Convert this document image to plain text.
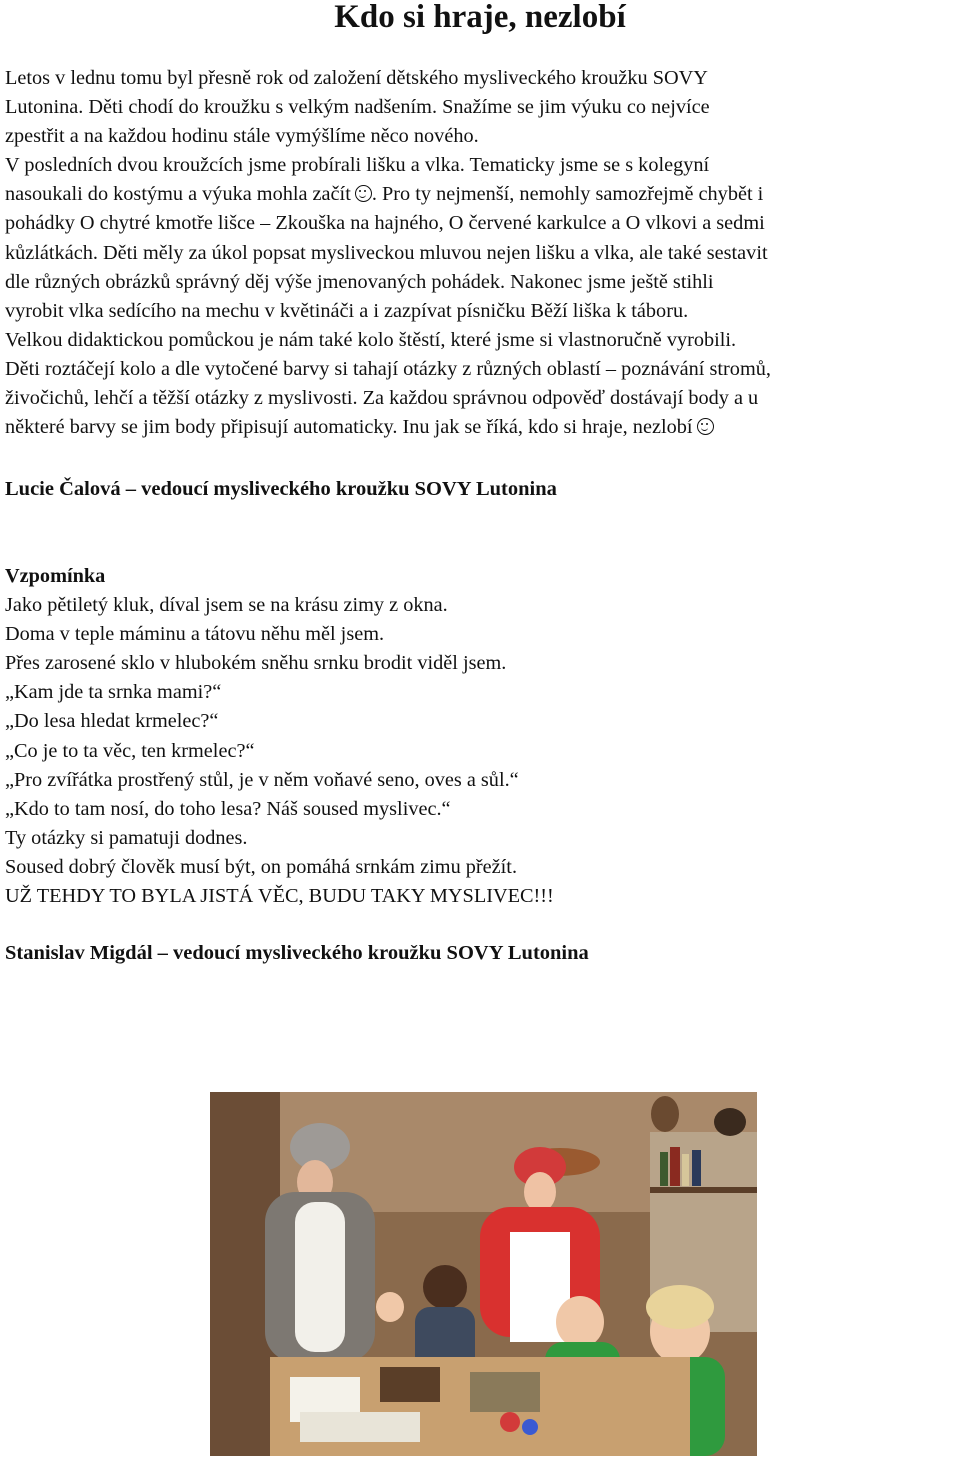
Kdo si hraje, nezlobí
Letos v lednu tomu byl přesně rok od založení dětského mysliveckého kroužku SOVY
Lutonina. Děti chodí do kroužku s velkým nadšením. Snažíme se jim výuku co nejvíce
zpestřit a na každou hodinu stále vymýšlíme něco nového.
V posledních dvou kroužcích jsme probírali lišku a vlka. Tematicky jsme se s kolegyní
nasoukali do kostýmu a výuka mohla začít . Pro ty nejmenší, nemohly samozřejmě chybět i
pohádky O chytré kmotře lišce – Zkouška na hajného, O červené karkulce a O vlkovi a sedmi
kůzlátkách. Děti měly za úkol popsat mysliveckou mluvou nejen lišku a vlka, ale také sestavit
dle různých obrázků správný děj výše jmenovaných pohádek. Nakonec jsme ještě stihli
vyrobit vlka sedícího na mechu v květináči a i zazpívat písničku Běží liška k táboru.
Velkou didaktickou pomůckou je nám také kolo štěstí, které jsme si vlastnoručně vyrobili.
Děti roztáčejí kolo a dle vytočené barvy si tahají otázky z různých oblastí – poznávání stromů,
živočichů, lehčí a těžší otázky z myslivosti. Za každou správnou odpověď dostávají body a u
některé barvy se jim body připisují automaticky. Inu jak se říká, kdo si hraje, nezlobí
Lucie Čalová – vedoucí mysliveckého kroužku SOVY Lutonina
Vzpomínka
Jako pětiletý kluk, díval jsem se na krásu zimy z okna.
Doma v teple máminu a tátovu něhu měl jsem.
Přes zarosené sklo v hlubokém sněhu srnku brodit viděl jsem.
„Kam jde ta srnka mami?“
„Do lesa hledat krmelec?“
„Co je to ta věc, ten krmelec?“
„Pro zvířátka prostřený stůl, je v něm voňavé seno, oves a sůl.“
„Kdo to tam nosí, do toho lesa? Náš soused myslivec.“
Ty otázky si pamatuji dodnes.
Soused dobrý člověk musí být, on pomáhá srnkám zimu přežít.
UŽ TEHDY TO BYLA JISTÁ VĚC, BUDU TAKY MYSLIVEC!!!
Stanislav Migdál – vedoucí mysliveckého kroužku SOVY Lutonina
